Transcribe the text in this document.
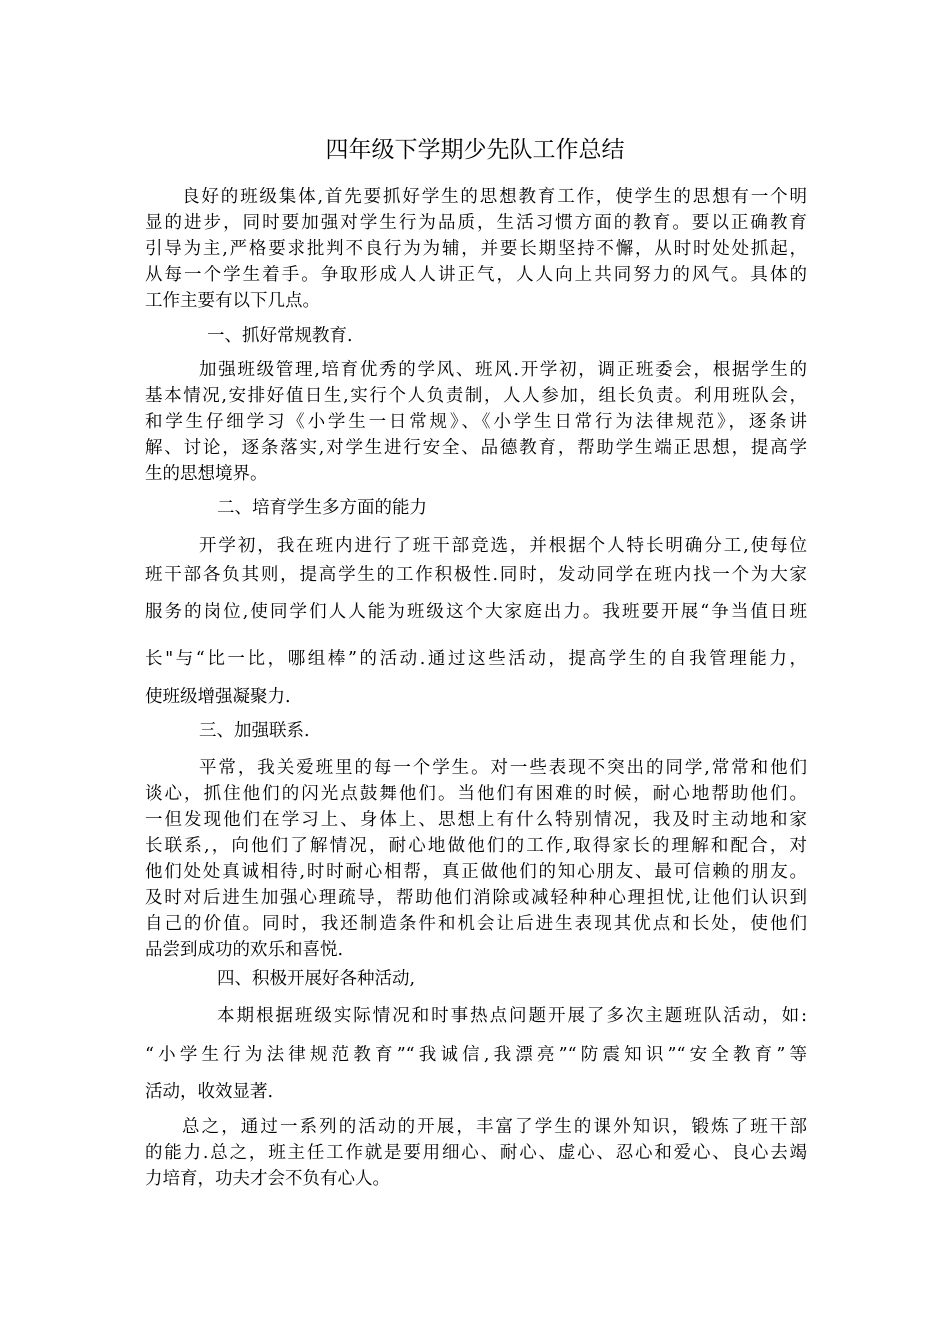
四年级下学期少先队工作总结
良好的班级集体,首先要抓好学生的思想教育工作，使学生的思想有一个明
显的进步，同时要加强对学生行为品质，生活习惯方面的教育。要以正确教育
引导为主,严格要求批判不良行为为辅，并要长期坚持不懈，从时时处处抓起，
从每一个学生着手。争取形成人人讲正气，人人向上共同努力的风气。具体的
工作主要有以下几点。
一、抓好常规教育.
加强班级管理,培育优秀的学风、班风.开学初，调正班委会，根据学生的
基本情况,安排好值日生,实行个人负责制，人人参加，组长负责。利用班队会，
和学生仔细学习《小学生一日常规》、《小学生日常行为法律规范》，逐条讲
解、讨论，逐条落实,对学生进行安全、品德教育，帮助学生端正思想，提高学
生的思想境界。
二、培育学生多方面的能力
开学初，我在班内进行了班干部竞选，并根据个人特长明确分工,使每位
班干部各负其则，提高学生的工作积极性.同时，发动同学在班内找一个为大家
服务的岗位,使同学们人人能为班级这个大家庭出力。我班要开展“争当值日班
长"与“比一比，哪组棒”的活动.通过这些活动，提高学生的自我管理能力，
使班级增强凝聚力.
三、加强联系.
平常，我关爱班里的每一个学生。对一些表现不突出的同学,常常和他们
谈心，抓住他们的闪光点鼓舞他们。当他们有困难的时候，耐心地帮助他们。
一但发现他们在学习上、身体上、思想上有什么特别情况，我及时主动地和家
长联系,，向他们了解情况，耐心地做他们的工作,取得家长的理解和配合，对
他们处处真诚相待,时时耐心相帮，真正做他们的知心朋友、最可信赖的朋友。
及时对后进生加强心理疏导，帮助他们消除或减轻种种心理担忧,让他们认识到
自己的价值。同时，我还制造条件和机会让后进生表现其优点和长处，使他们
品尝到成功的欢乐和喜悦.
四、积极开展好各种活动,
本期根据班级实际情况和时事热点问题开展了多次主题班队活动，如:
“小学生行为法律规范教育”“我诚信,我漂亮”“防震知识”“安全教育”等
活动，收效显著.
总之，通过一系列的活动的开展，丰富了学生的课外知识，锻炼了班干部
的能力.总之，班主任工作就是要用细心、耐心、虚心、忍心和爱心、良心去竭
力培育，功夫才会不负有心人。
